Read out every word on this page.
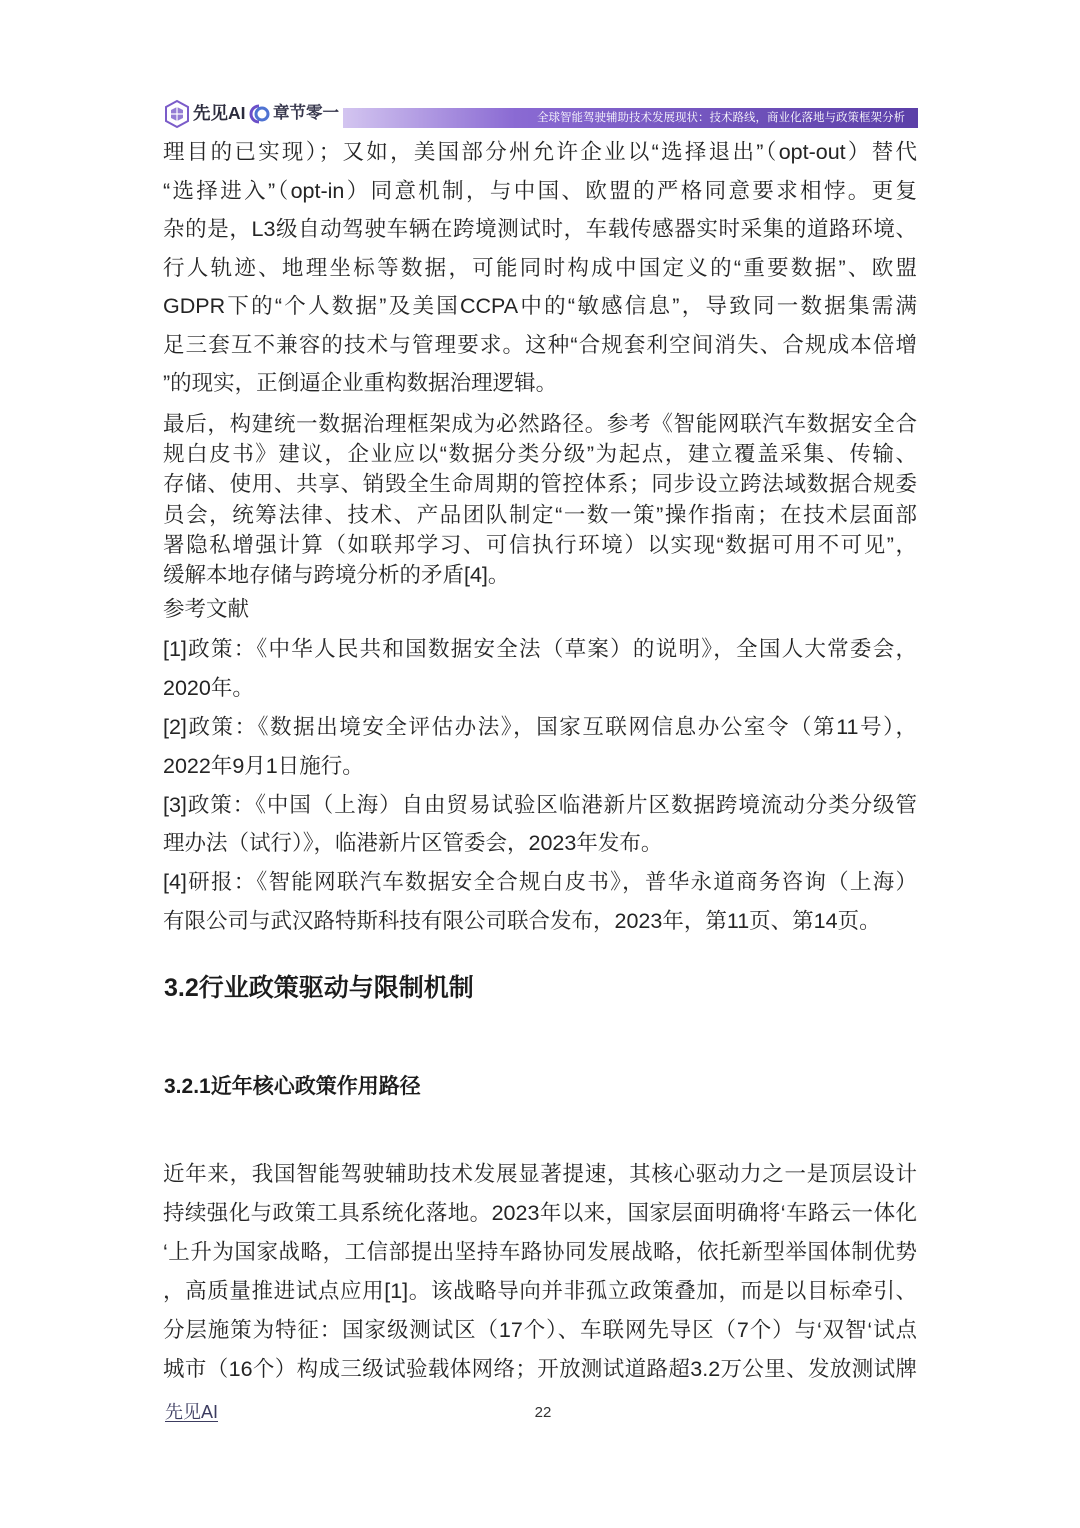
先见AI 章节零一	全球智能驾驶辅助技术发展现状：技术路线，商业化落地与政策框架分析
理目的已实现）；又如，美国部分州允许企业以“选择退出”（opt-out）替代
“选择进入”（opt-in）同意机制，与中国、欧盟的严格同意要求相悖。更复
杂的是，L3级自动驾驶车辆在跨境测试时，车载传感器实时采集的道路环境、
行人轨迹、地理坐标等数据，可能同时构成中国定义的“重要数据”、欧盟
GDPR下的“个人数据”及美国CCPA中的“敏感信息”，导致同一数据集需满
足三套互不兼容的技术与管理要求。这种“合规套利空间消失、合规成本倍增
”的现实，正倒逼企业重构数据治理逻辑。
最后，构建统一数据治理框架成为必然路径。参考《智能网联汽车数据安全合
规白皮书》建议，企业应以“数据分类分级”为起点，建立覆盖采集、传输、
存储、使用、共享、销毁全生命周期的管控体系；同步设立跨法域数据合规委
员会，统筹法律、技术、产品团队制定“一数一策”操作指南；在技术层面部
署隐私增强计算（如联邦学习、可信执行环境）以实现“数据可用不可见”，
缓解本地存储与跨境分析的矛盾[4]。
参考文献
[1]政策：《中华人民共和国数据安全法（草案）的说明》，全国人大常委会，
2020年。
[2]政策：《数据出境安全评估办法》，国家互联网信息办公室令（第11号），
2022年9月1日施行。
[3]政策：《中国（上海）自由贸易试验区临港新片区数据跨境流动分类分级管
理办法（试行）》，临港新片区管委会，2023年发布。
[4]研报：《智能网联汽车数据安全合规白皮书》，普华永道商务咨询（上海）
有限公司与武汉路特斯科技有限公司联合发布，2023年，第11页、第14页。
3.2行业政策驱动与限制机制
3.2.1近年核心政策作用路径
近年来，我国智能驾驶辅助技术发展显著提速，其核心驱动力之一是顶层设计
持续强化与政策工具系统化落地。2023年以来，国家层面明确将‘车路云一体化
‘上升为国家战略，工信部提出坚持车路协同发展战略，依托新型举国体制优势
，高质量推进试点应用[1]。该战略导向并非孤立政策叠加，而是以目标牵引、
分层施策为特征：国家级测试区（17个）、车联网先导区（7个）与‘双智‘试点
城市（16个）构成三级试验载体网络；开放测试道路超3.2万公里、发放测试牌
先见AI	22
